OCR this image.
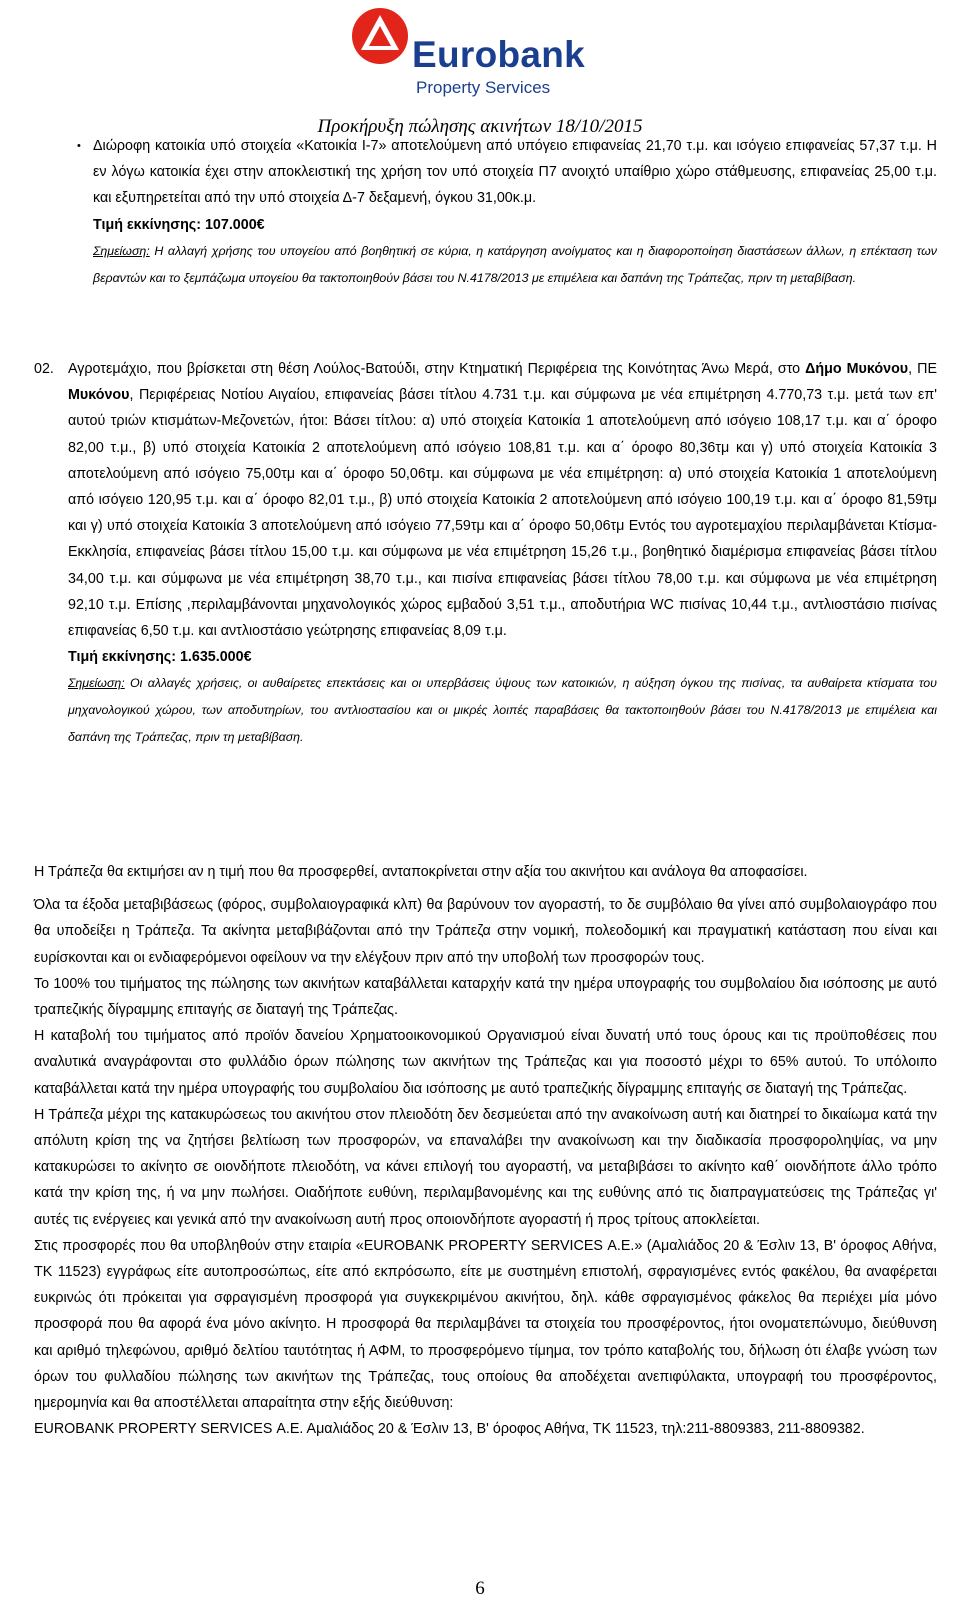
Eurobank
Property Services
Προκήρυξη πώλησης ακινήτων 18/10/2015
• Διώροφη κατοικία υπό στοιχεία «Κατοικία Ι-7» αποτελούμενη από υπόγειο επιφανείας 21,70 τ.μ. και ισόγειο επιφανείας 57,37 τ.μ. Η εν λόγω κατοικία έχει στην αποκλειστική της χρήση τον υπό στοιχεία Π7 ανοιχτό υπαίθριο χώρο στάθμευσης, επιφανείας 25,00 τ.μ. και εξυπηρετείται από την υπό στοιχεία Δ-7 δεξαμενή, όγκου 31,00κ.μ.

Τιμή εκκίνησης: 107.000€

Σημείωση: Η αλλαγή χρήσης του υπογείου από βοηθητική σε κύρια, η κατάργηση ανοίγματος και η διαφοροποίηση διαστάσεων άλλων, η επέκταση των βεραντών και το ξεμπάζωμα υπογείου θα τακτοποιηθούν βάσει του Ν.4178/2013 με επιμέλεια και δαπάνη της Τράπεζας, πριν τη μεταβίβαση.

02. Αγροτεμάχιο, που βρίσκεται στη θέση Λούλος-Βατούδι, στην Κτηματική Περιφέρεια της Κοινότητας Άνω Μερά, στο Δήμο Μυκόνου, ΠΕ Μυκόνου, Περιφέρειας Νοτίου Αιγαίου, επιφανείας βάσει τίτλου 4.731 τ.μ. και σύμφωνα με νέα επιμέτρηση 4.770,73 τ.μ. μετά των επ' αυτού τριών κτισμάτων-Μεζονετών, ήτοι: Βάσει τίτλου: α) υπό στοιχεία Κατοικία 1 αποτελούμενη από ισόγειο 108,17 τ.μ. και α΄ όροφο 82,00 τ.μ., β) υπό στοιχεία Κατοικία 2 αποτελούμενη από ισόγειο 108,81 τ.μ. και α΄ όροφο 80,36τμ και γ) υπό στοιχεία Κατοικία 3 αποτελούμενη από ισόγειο 75,00τμ και α΄ όροφο 50,06τμ. και σύμφωνα με νέα επιμέτρηση: α) υπό στοιχεία Κατοικία 1 αποτελούμενη από ισόγειο 120,95 τ.μ. και α΄ όροφο 82,01 τ.μ., β) υπό στοιχεία Κατοικία 2 αποτελούμενη από ισόγειο 100,19 τ.μ. και α΄ όροφο 81,59τμ και γ) υπό στοιχεία Κατοικία 3 αποτελούμενη από ισόγειο 77,59τμ και α΄ όροφο 50,06τμ Εντός του αγροτεμαχίου περιλαμβάνεται Κτίσμα-Εκκλησία, επιφανείας βάσει τίτλου 15,00 τ.μ. και σύμφωνα με νέα επιμέτρηση 15,26 τ.μ., βοηθητικό διαμέρισμα επιφανείας βάσει τίτλου 34,00 τ.μ. και σύμφωνα με νέα επιμέτρηση 38,70 τ.μ., και πισίνα επιφανείας βάσει τίτλου 78,00 τ.μ. και σύμφωνα με νέα επιμέτρηση 92,10 τ.μ. Επίσης ,περιλαμβάνονται μηχανολογικός χώρος εμβαδού 3,51 τ.μ., αποδυτήρια WC πισίνας 10,44 τ.μ., αντλιοστάσιο πισίνας επιφανείας 6,50 τ.μ. και αντλιοστάσιο γεώτρησης επιφανείας 8,09 τ.μ.

Τιμή εκκίνησης: 1.635.000€

Σημείωση: Οι αλλαγές χρήσεις, οι αυθαίρετες επεκτάσεις και οι υπερβάσεις ύψους των κατοικιών, η αύξηση όγκου της πισίνας, τα αυθαίρετα κτίσματα του μηχανολογικού χώρου, των αποδυτηρίων, του αντλιοστασίου και οι μικρές λοιπές παραβάσεις θα τακτοποιηθούν βάσει του Ν.4178/2013 με επιμέλεια και δαπάνη της Τράπεζας, πριν τη μεταβίβαση.

Η Τράπεζα θα εκτιμήσει αν η τιμή που θα προσφερθεί, ανταποκρίνεται στην αξία του ακινήτου και ανάλογα θα αποφασίσει.

Όλα τα έξοδα μεταβιβάσεως (φόρος, συμβολαιογραφικά κλπ) θα βαρύνουν τον αγοραστή, το δε συμβόλαιο θα γίνει από συμβολαιογράφο που θα υποδείξει η Τράπεζα. Τα ακίνητα μεταβιβάζονται από την Τράπεζα στην νομική, πολεοδομική και πραγματική κατάσταση που είναι και ευρίσκονται και οι ενδιαφερόμενοι οφείλουν να την ελέγξουν πριν από την υποβολή των προσφορών τους.

Το 100% του τιμήματος της πώλησης των ακινήτων καταβάλλεται καταρχήν κατά την ημέρα υπογραφής του συμβολαίου δια ισόποσης με αυτό τραπεζικής δίγραμμης επιταγής σε διαταγή της Τράπεζας.

Η καταβολή του τιμήματος από προϊόν δανείου Χρηματοοικονομικού Οργανισμού είναι δυνατή υπό τους όρους και τις προϋποθέσεις που αναλυτικά αναγράφονται στο φυλλάδιο όρων πώλησης των ακινήτων της Τράπεζας και για ποσοστό μέχρι το 65% αυτού. Το υπόλοιπο καταβάλλεται κατά την ημέρα υπογραφής του συμβολαίου δια ισόποσης με αυτό τραπεζικής δίγραμμης επιταγής σε διαταγή της Τράπεζας.

Η Τράπεζα μέχρι της κατακυρώσεως του ακινήτου στον πλειοδότη δεν δεσμεύεται από την ανακοίνωση αυτή και διατηρεί το δικαίωμα κατά την απόλυτη κρίση της να ζητήσει βελτίωση των προσφορών, να επαναλάβει την ανακοίνωση και την διαδικασία προσφοροληψίας, να μην κατακυρώσει το ακίνητο σε οιονδήποτε πλειοδότη, να κάνει επιλογή του αγοραστή, να μεταβιβάσει το ακίνητο καθ΄ οιονδήποτε άλλο τρόπο κατά την κρίση της, ή να μην πωλήσει. Οιαδήποτε ευθύνη, περιλαμβανομένης και της ευθύνης από τις διαπραγματεύσεις της Τράπεζας γι' αυτές τις ενέργειες και γενικά από την ανακοίνωση αυτή προς οποιονδήποτε αγοραστή ή προς τρίτους αποκλείεται.

Στις προσφορές που θα υποβληθούν στην εταιρία «EUROBANK PROPERTY SERVICES Α.Ε.» (Αμαλιάδος 20 & Έσλιν 13, Β' όροφος Αθήνα, ΤΚ 11523) εγγράφως είτε αυτοπροσώπως, είτε από εκπρόσωπο, είτε με συστημένη επιστολή, σφραγισμένες εντός φακέλου, θα αναφέρεται ευκρινώς ότι πρόκειται για σφραγισμένη προσφορά για συγκεκριμένου ακινήτου, δηλ. κάθε σφραγισμένος φάκελος θα περιέχει μία μόνο προσφορά που θα αφορά ένα μόνο ακίνητο. Η προσφορά θα περιλαμβάνει τα στοιχεία του προσφέροντος, ήτοι ονοματεπώνυμο, διεύθυνση και αριθμό τηλεφώνου, αριθμό δελτίου ταυτότητας ή ΑΦΜ, το προσφερόμενο τίμημα, τον τρόπο καταβολής του, δήλωση ότι έλαβε γνώση των όρων του φυλλαδίου πώλησης των ακινήτων της Τράπεζας, τους οποίους θα αποδέχεται ανεπιφύλακτα, υπογραφή του προσφέροντος, ημερομηνία και θα αποστέλλεται απαραίτητα στην εξής διεύθυνση:

EUROBANK PROPERTY SERVICES Α.Ε. Αμαλιάδος 20 & Έσλιν 13, Β' όροφος Αθήνα, ΤΚ 11523, τηλ:211-8809383, 211-8809382.

6
